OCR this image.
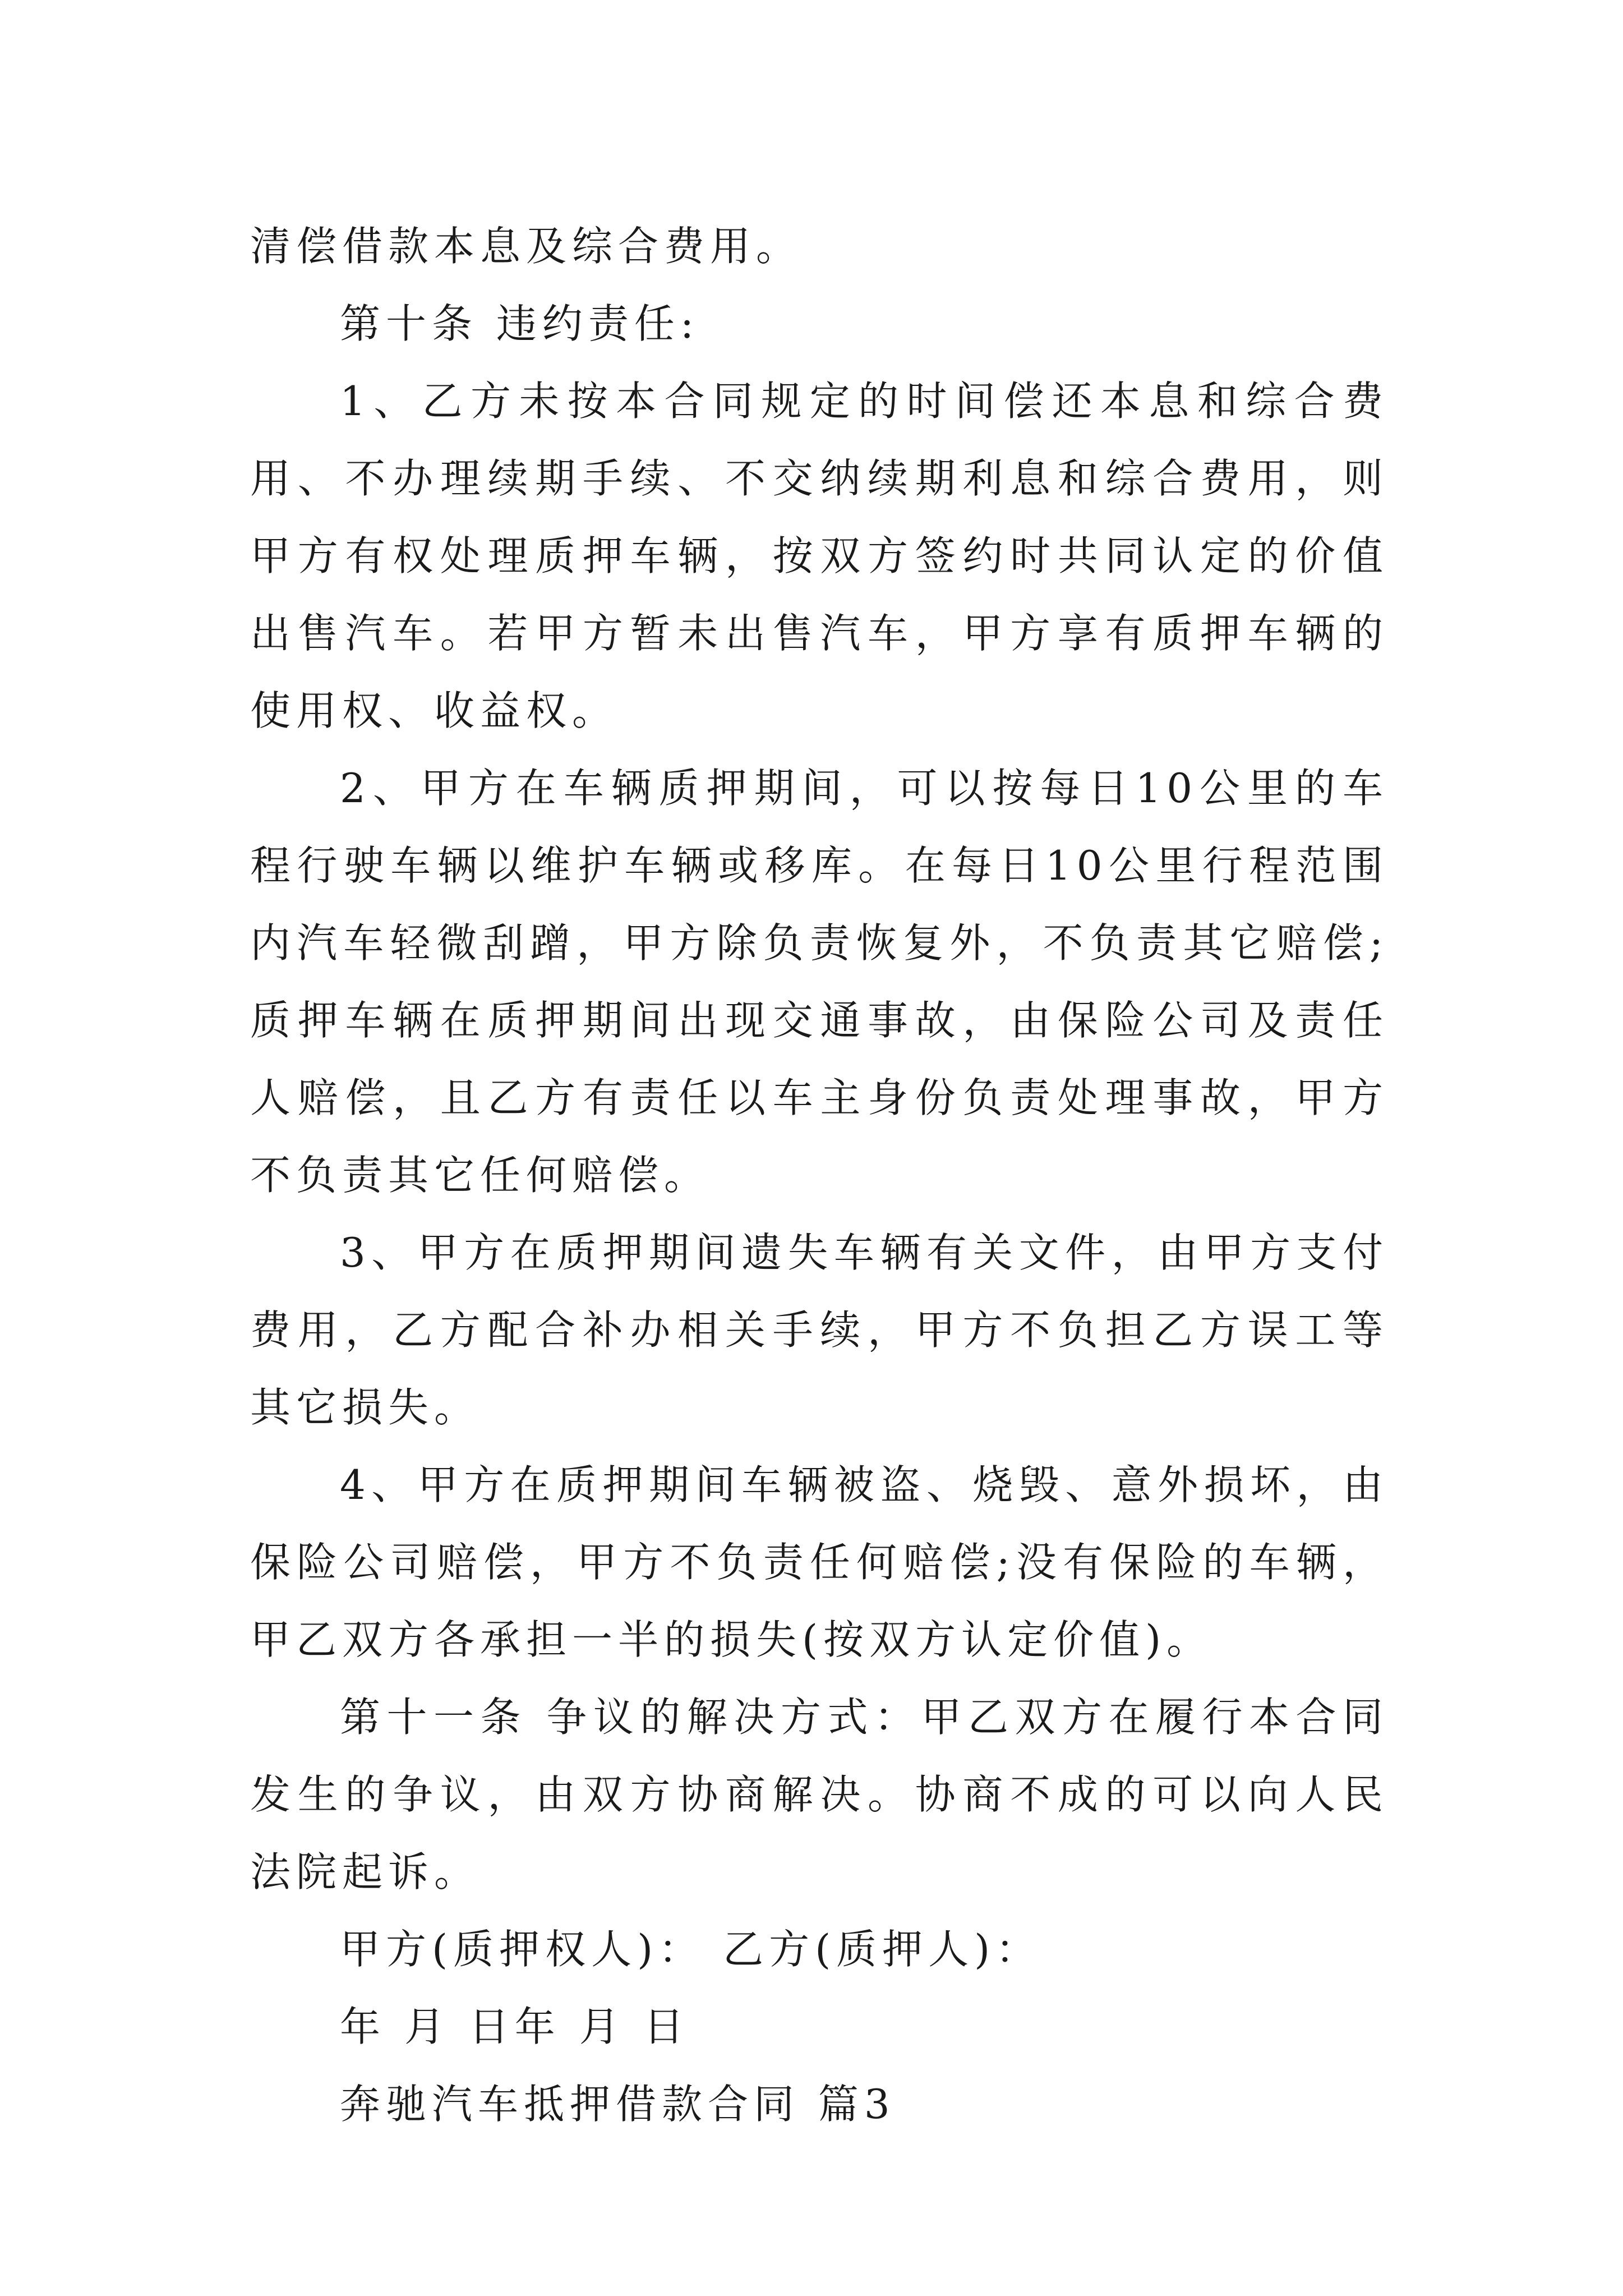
清偿借款本息及综合费用。

第十条 违约责任:

1、乙方未按本合同规定的时间偿还本息和综合费用、不办理续期手续、不交纳续期利息和综合费用，则甲方有权处理质押车辆，按双方签约时共同认定的价值出售汽车。若甲方暂未出售汽车，甲方享有质押车辆的使用权、收益权。

2、甲方在车辆质押期间，可以按每日10公里的车程行驶车辆以维护车辆或移库。在每日10公里行程范围内汽车轻微刮蹭，甲方除负责恢复外，不负责其它赔偿;质押车辆在质押期间出现交通事故，由保险公司及责任人赔偿，且乙方有责任以车主身份负责处理事故，甲方不负责其它任何赔偿。

3、甲方在质押期间遗失车辆有关文件，由甲方支付费用，乙方配合补办相关手续，甲方不负担乙方误工等其它损失。

4、甲方在质押期间车辆被盗、烧毁、意外损坏，由保险公司赔偿，甲方不负责任何赔偿;没有保险的车辆，甲乙双方各承担一半的损失(按双方认定价值)。

第十一条 争议的解决方式：甲乙双方在履行本合同发生的争议，由双方协商解决。协商不成的可以向人民法院起诉。

甲方(质押权人)： 乙方(质押人)：

年 月 日年 月 日

奔驰汽车抵押借款合同 篇3
